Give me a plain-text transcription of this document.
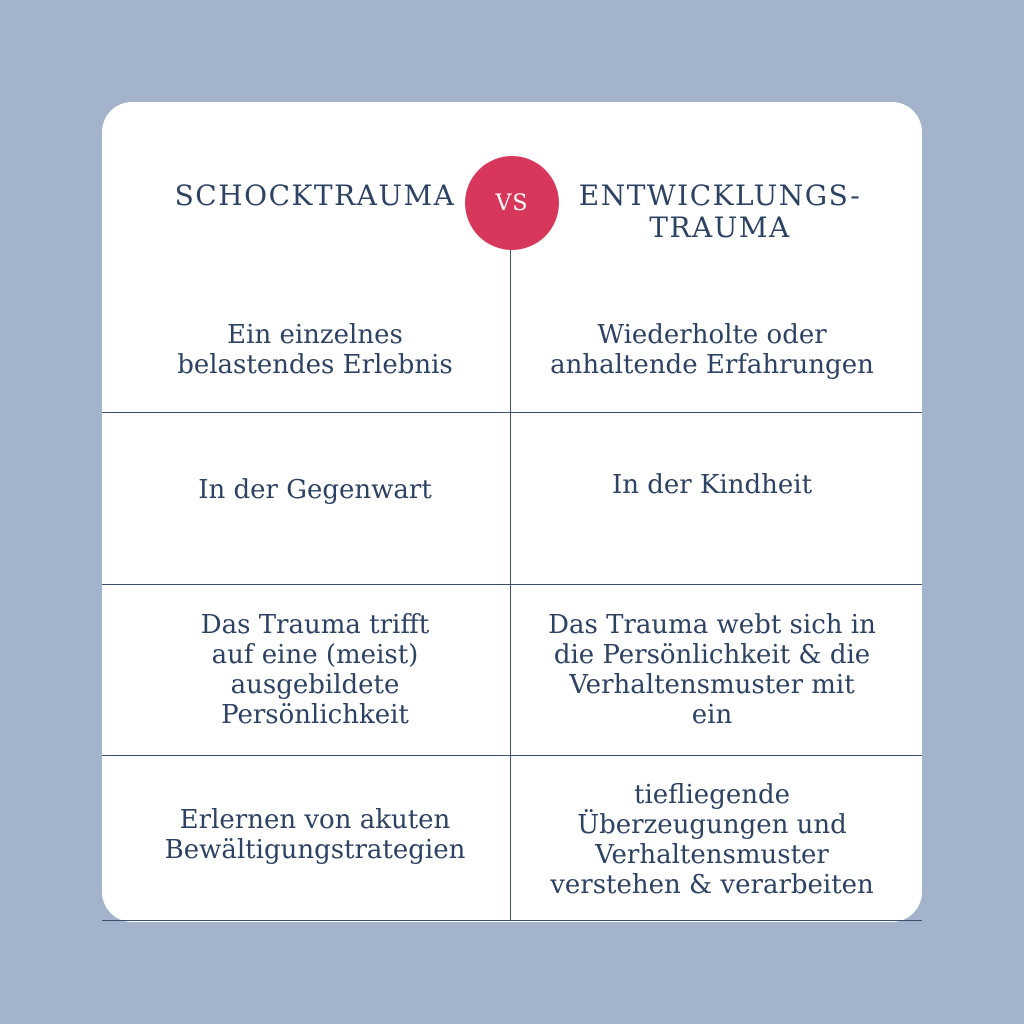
SCHOCKTRAUMA	VS ENTWICKLUNGS-
TRAUMA
Ein einzelnes
belastendes Erlebnis
Wiederholte oder
anhaltende Erfahrungen
In der Gegenwart	In der Kindheit
Das Trauma trifft
auf eine (meist)
ausgebildete
Persönlichkeit
Das Trauma webt sich in
die Persönlichkeit & die
Verhaltensmuster mit
ein
Erlernen von akuten
Bewältigungstrategien
tiefliegende
Überzeugungen und
Verhaltensmuster
verstehen & verarbeiten
